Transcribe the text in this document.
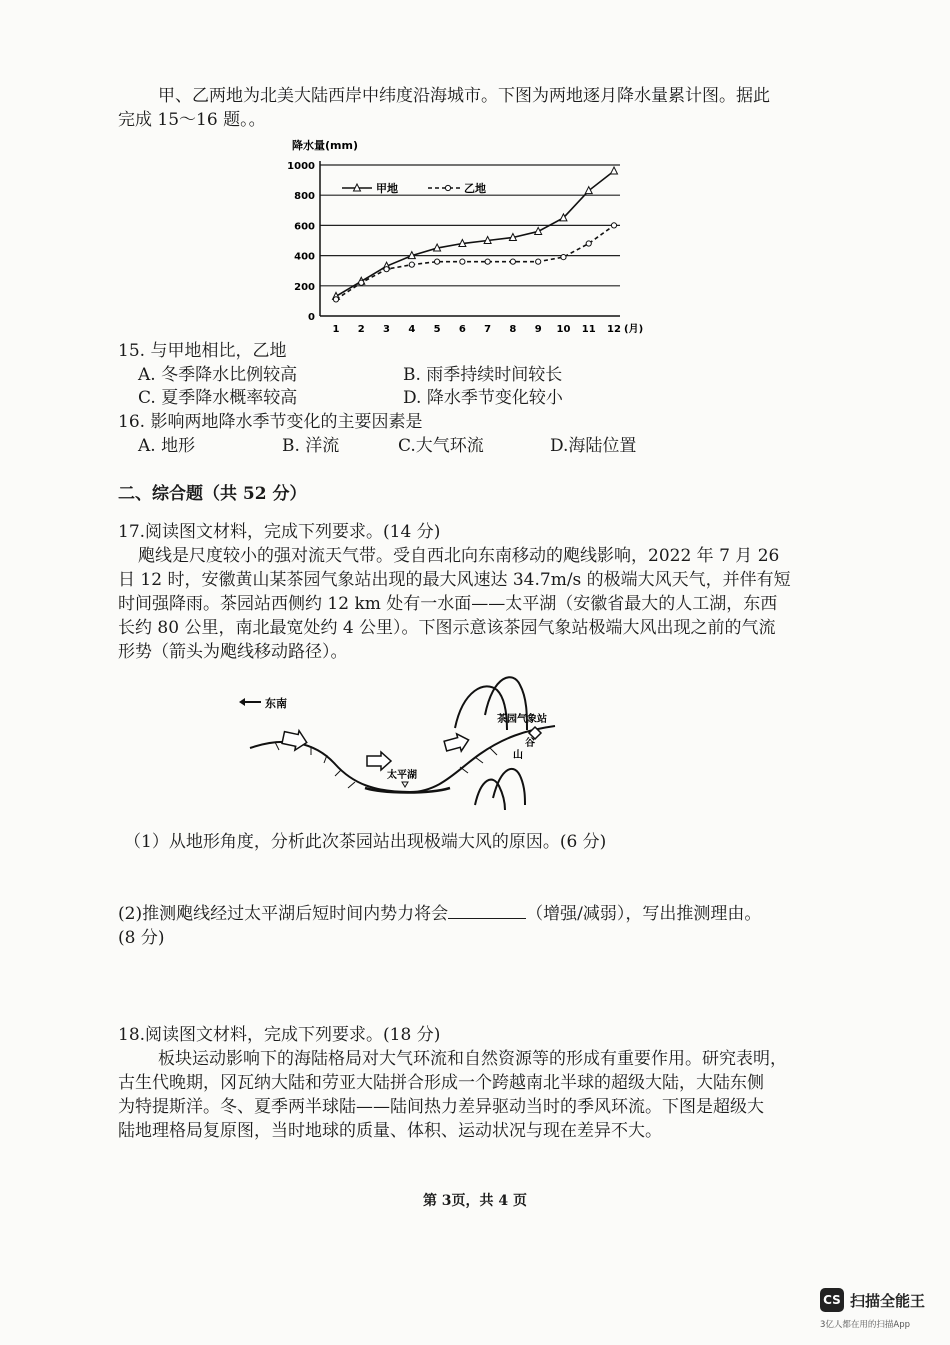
甲、乙两地为北美大陆西岸中纬度沿海城市。下图为两地逐月降水量累计图。据此
完成 15～16 题。。
降水量(mm)
0
200
400
600
800
1000
1 2 3 4 5 6 7 8 9 10 11 12 (月)
甲地	乙地
15. 与甲地相比，乙地
A. 冬季降水比例较高	B. 雨季持续时间较长
C. 夏季降水概率较高	D. 降水季节变化较小
16. 影响两地降水季节变化的主要因素是
A. 地形	B. 洋流	C.大气环流	D.海陆位置
二、综合题（共 52 分）
17.阅读图文材料，完成下列要求。(14 分)
飑线是尺度较小的强对流天气带。受自西北向东南移动的飑线影响，2022 年 7 月 26
日 12 时，安徽黄山某茶园气象站出现的最大风速达 34.7m/s 的极端大风天气，并伴有短
时间强降雨。茶园站西侧约 12 km 处有一水面——太平湖（安徽省最大的人工湖，东西
长约 80 公里，南北最宽处约 4 公里）。下图示意该茶园气象站极端大风出现之前的气流
形势（箭头为飑线移动路径）。
东南
太平湖
茶园气象站
山
谷
（1）从地形角度，分析此次茶园站出现极端大风的原因。(6 分)
(2)推测飑线经过太平湖后短时间内势力将会	（增强/减弱），写出推测理由。
(8 分)
18.阅读图文材料，完成下列要求。(18 分)
板块运动影响下的海陆格局对大气环流和自然资源等的形成有重要作用。研究表明，
古生代晚期，冈瓦纳大陆和劳亚大陆拼合形成一个跨越南北半球的超级大陆，大陆东侧
为特提斯洋。冬、夏季两半球陆——陆间热力差异驱动当时的季风环流。下图是超级大
陆地理格局复原图，当时地球的质量、体积、运动状况与现在差异不大。
第 3页，共 4 页
CS 扫描全能王
3亿人都在用的扫描App
